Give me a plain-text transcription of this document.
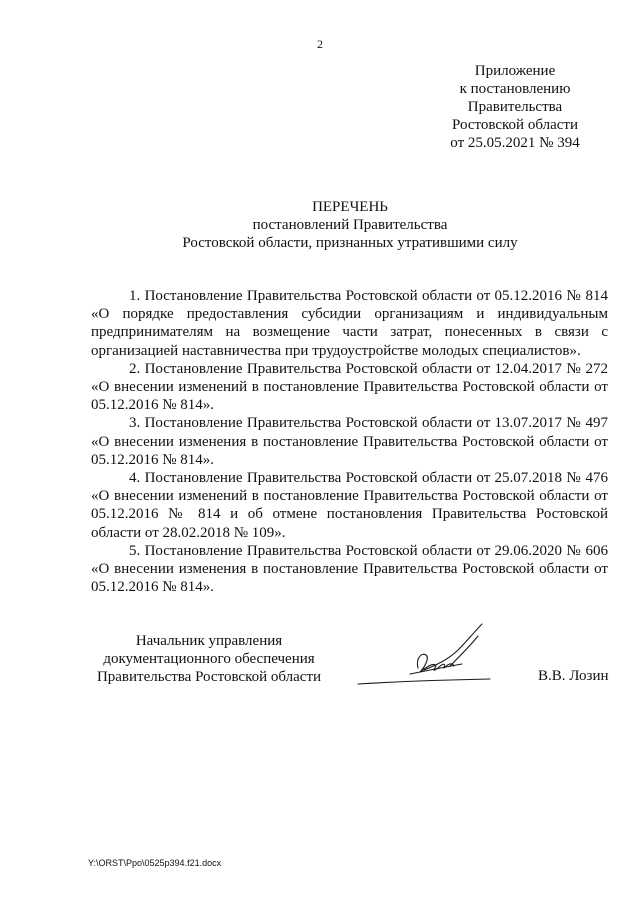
2
Приложение
к постановлению
Правительства
Ростовской области
от 25.05.2021 № 394
ПЕРЕЧЕНЬ
постановлений Правительства
Ростовской области, признанных утратившими силу

1. Постановление Правительства Ростовской области от 05.12.2016 № 814 «О порядке предоставления субсидии организациям и индивидуальным предпринимателям на возмещение части затрат, понесенных в связи с организацией наставничества при трудоустройстве молодых специалистов».

2. Постановление Правительства Ростовской области от 12.04.2017 № 272 «О внесении изменений в постановление Правительства Ростовской области от 05.12.2016 № 814».

3. Постановление Правительства Ростовской области от 13.07.2017 № 497 «О внесении изменения в постановление Правительства Ростовской области от 05.12.2016 № 814».

4. Постановление Правительства Ростовской области от 25.07.2018 № 476 «О внесении изменений в постановление Правительства Ростовской области от 05.12.2016 № 814 и об отмене постановления Правительства Ростовской области от 28.02.2018 № 109».

5. Постановление Правительства Ростовской области от 29.06.2020 № 606 «О внесении изменения в постановление Правительства Ростовской области от 05.12.2016 № 814».

Начальник управления
документационного обеспечения
Правительства Ростовской области	В.В. Лозин
Y:\ORST\Ppo\0525p394.f21.docx
